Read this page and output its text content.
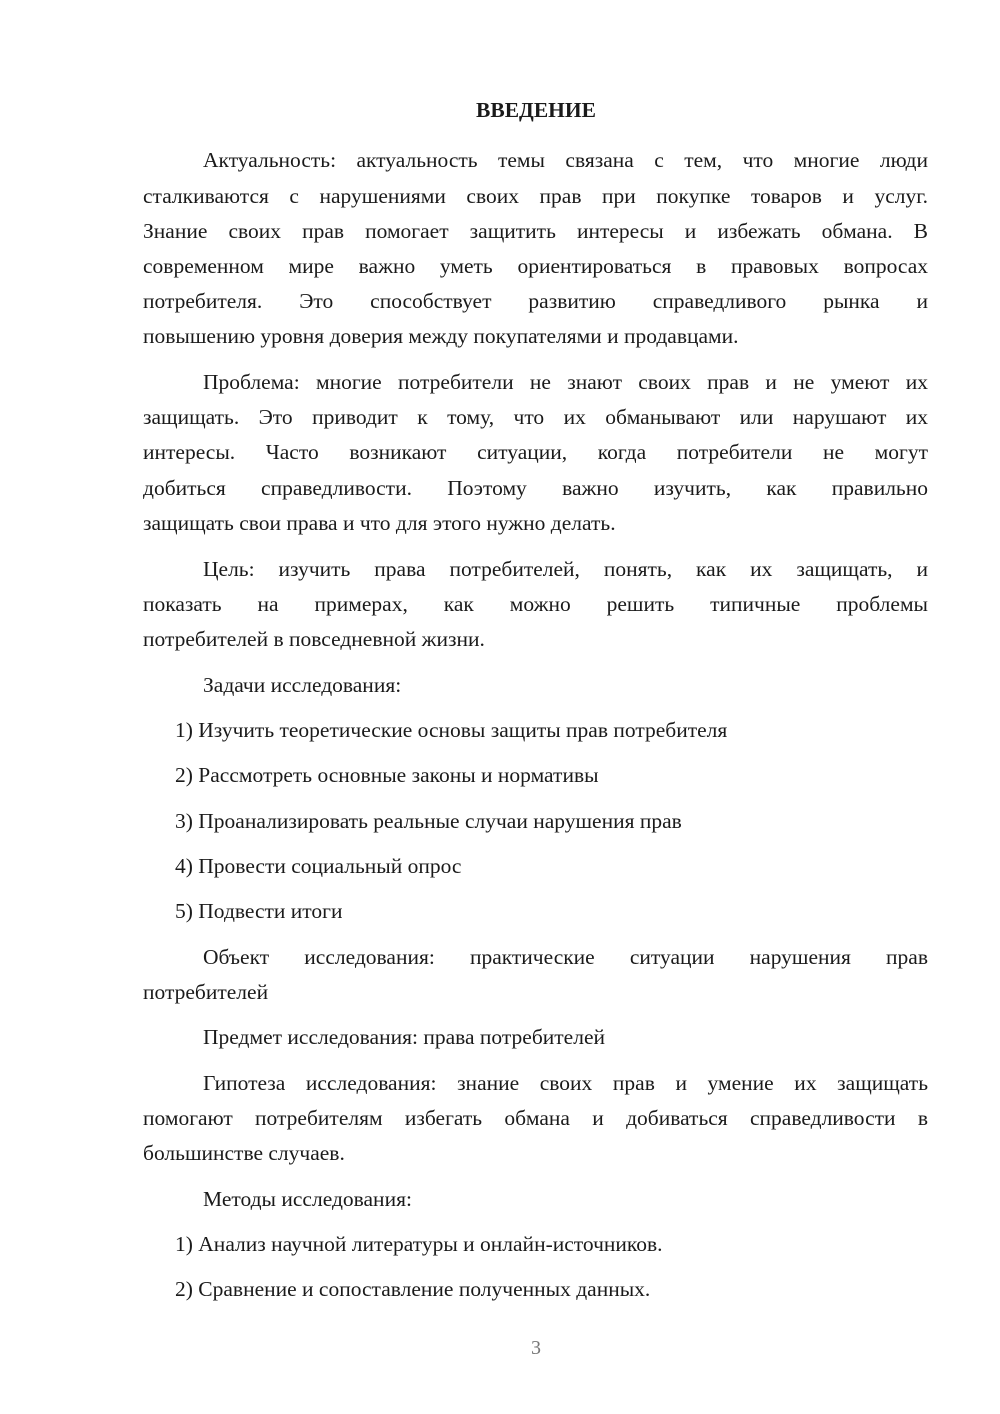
ВВЕДЕНИЕ
Актуальность: актуальность темы связана с тем, что многие люди
сталкиваются с нарушениями своих прав при покупке товаров и услуг.
Знание своих прав помогает защитить интересы и избежать обмана. В
современном мире важно уметь ориентироваться в правовых вопросах
потребителя. Это способствует развитию справедливого рынка и
повышению уровня доверия между покупателями и продавцами.
Проблема: многие потребители не знают своих прав и не умеют их
защищать. Это приводит к тому, что их обманывают или нарушают их
интересы. Часто возникают ситуации, когда потребители не могут
добиться справедливости. Поэтому важно изучить, как правильно
защищать свои права и что для этого нужно делать.
Цель: изучить права потребителей, понять, как их защищать, и
показать на примерах, как можно решить типичные проблемы
потребителей в повседневной жизни.
Задачи исследования:
1) Изучить теоретические основы защиты прав потребителя
2) Рассмотреть основные законы и нормативы
3) Проанализировать реальные случаи нарушения прав
4) Провести социальный опрос
5) Подвести итоги
Объект исследования: практические ситуации нарушения прав
потребителей
Предмет исследования: права потребителей
Гипотеза исследования: знание своих прав и умение их защищать
помогают потребителям избегать обмана и добиваться справедливости в
большинстве случаев.
Методы исследования:
1) Анализ научной литературы и онлайн-источников.
2) Сравнение и сопоставление полученных данных.
3
